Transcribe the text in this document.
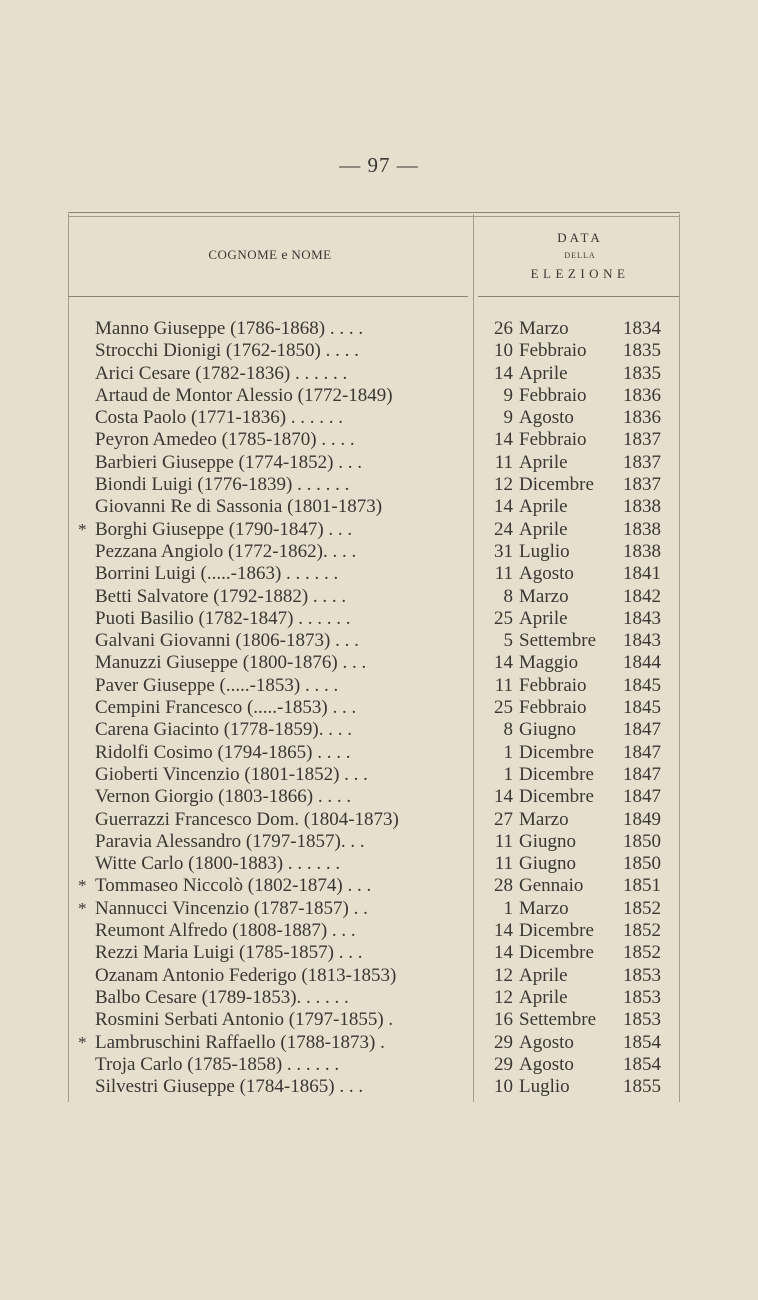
— 97 —
COGNOME e NOME
DATA
DELLA
ELEZIONE
Manno Giuseppe (1786-1868) . . . .	26 Marzo	1834
Strocchi Dionigi (1762-1850) . . . .	10 Febbraio 1835
Arici Cesare (1782-1836) . . . . . .	14 Aprile	1835
Artaud de Montor Alessio (1772-1849)	9 Febbraio 1836
Costa Paolo (1771-1836) . . . . . .	9 Agosto	1836
Peyron Amedeo (1785-1870) . . . .	14 Febbraio 1837
Barbieri Giuseppe (1774-1852) . . .	11 Aprile	1837
Biondi Luigi (1776-1839) . . . . . .	12 Dicembre 1837
Giovanni Re di Sassonia (1801-1873)	14 Aprile	1838
* Borghi Giuseppe (1790-1847) . . .	24 Aprile	1838
Pezzana Angiolo (1772-1862). . . .	31 Luglio	1838
Borrini Luigi (.....-1863) . . . . . .	11 Agosto	1841
Betti Salvatore (1792-1882) . . . .	8 Marzo	1842
Puoti Basilio (1782-1847) . . . . . .	25 Aprile	1843
Galvani Giovanni (1806-1873) . . .	5 Settembre 1843
Manuzzi Giuseppe (1800-1876) . . .	14 Maggio 1844
Paver Giuseppe (.....-1853) . . . .	11 Febbraio 1845
Cempini Francesco (.....-1853) . . .	25 Febbraio 1845
Carena Giacinto (1778-1859). . . .	8 Giugno 1847
Ridolfi Cosimo (1794-1865) . . . .	1 Dicembre 1847
Gioberti Vincenzio (1801-1852) . . .	1 Dicembre 1847
Vernon Giorgio (1803-1866) . . . .	14 Dicembre 1847
Guerrazzi Francesco Dom. (1804-1873)	27 Marzo	1849
Paravia Alessandro (1797-1857). . .	11 Giugno 1850
Witte Carlo (1800-1883) . . . . . .	11 Giugno 1850
* Tommaseo Niccolò (1802-1874) . . .	28 Gennaio 1851
* Nannucci Vincenzio (1787-1857) . .	1 Marzo	1852
Reumont Alfredo (1808-1887) . . .	14 Dicembre 1852
Rezzi Maria Luigi (1785-1857) . . .	14 Dicembre 1852
Ozanam Antonio Federigo (1813-1853)	12 Aprile	1853
Balbo Cesare (1789-1853). . . . . .	12 Aprile	1853
Rosmini Serbati Antonio (1797-1855) .	16 Settembre 1853
* Lambruschini Raffaello (1788-1873) .	29 Agosto	1854
Troja Carlo (1785-1858) . . . . . .	29 Agosto	1854
Silvestri Giuseppe (1784-1865) . . .	10 Luglio	1855
